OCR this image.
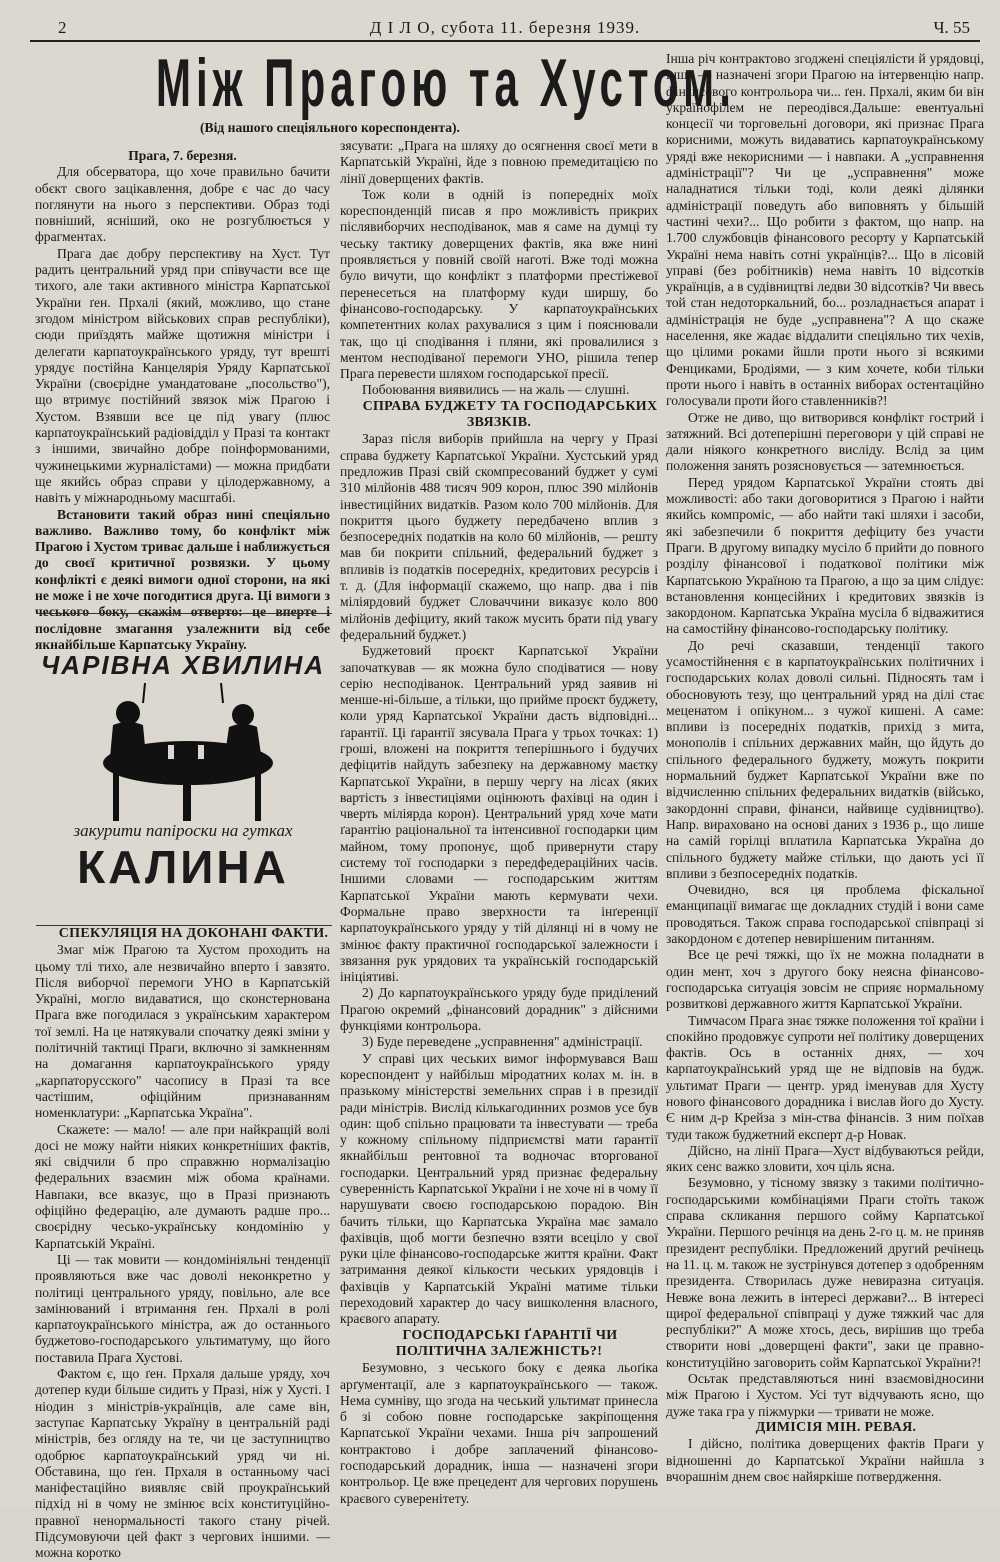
2	Д І Л О, субота 11. березня 1939.	Ч. 55
Між Прагою та Хустом.
(Від нашого спеціяльного кореспондента).

Прага, 7. березня.

Для обсерватора, що хоче правильно бачити обєкт свого зацікавлення, добре є час до часу поглянути на нього з перспективи. Образ тоді повніший, ясніший, око не розгублюється у фрагментах.

Прага дає добру перспективу на Хуст. Тут радить центральний уряд при співучасти все ще тихого, але таки активного міністра Карпатської України ґен. Прхалі (який, можливо, що стане згодом міністром військових справ республіки), сюди приїздять майже щотижня міністри і делегати карпатоукраїнського уряду, тут врешті урядує постійна Канцелярія Уряду Карпатської України (своєрідне умандатоване „посольство"), що втримує постійний звязок між Прагою і Хустом. Взявши все це під увагу (плюс карпатоукраїнський радіовідділ у Празі та контакт з іншими, звичайно добре поінформованими, чужинецькими журналістами) — можна придбати ще якийсь образ справи у цілодержавному, а навіть у міжнародньому масштабі.

Встановити такий образ нині спеціяльно важливо. Важливо тому, бо конфлікт між Прагою і Хустом триває дальше і наближується до своєї критичної розвязки. У цьому конфлікті є деякі вимоги одної сторони, на які не може і не хоче погодитися друга. Ці вимоги з чеського боку, скажім отверто: це вперте і послідовне змагання узалежнити від себе якнайбільше Карпатську Україну.

ЧАРІВНА ХВИЛИНА
закурити папіроски на гутках
КАЛИНА

СПЕКУЛЯЦІЯ НА ДОКОНАНІ ФАКТИ.

Змаг між Прагою та Хустом проходить на цьому тлі тихо, але незвичайно вперто і завзято. Після виборчої перемоги УНО в Карпатській Україні, могло видаватися, що сконстернована Прага вже погодилася з українським характером тої землі. На це натякували спочатку деякі зміни у політичній тактиці Праги, включно зі замкненням на домагання карпатоукраїнського уряду „карпаторусского" часопису в Празі та все частішим, офіційним признаванням номенклатури: „Карпатська Україна".

Скажете: — мало! — але при найкращій волі досі не можу найти ніяких конкретніших фактів, які свідчили б про справжню нормалізацію федеральних взаємин між обома країнами. Навпаки, все вказує, що в Празі признають офіційно федерацію, але думають радше про... своєрідну чесько-українську кондомінію у Карпатській Україні.

Ці — так мовити — кондомініяльні тенденції проявляються вже час доволі неконкретно у політиці центрального уряду, повільно, але все замінюваний і втримання ґен. Прхалі в ролі карпатоукраїнського міністра, аж до останнього буджетово-господарського ультиматуму, що його поставила Прага Хустові.

Фактом є, що ґен. Прхаля дальше уряду, хоч дотепер куди більше сидить у Празі, ніж у Хусті. І ніодин з міністрів-українців, але саме він, заступає Карпатську Україну в центральній раді міністрів, без огляду на те, чи це заступництво одобрює карпатоукраїнський уряд чи ні. Обставина, що ґен. Прхаля в останньому часі маніфестаційно виявляє свій проукраїнський підхід ні в чому не змінює всіх конституційно-правної ненормальності такого стану річей. Підсумовуючи цей факт з чергових іншими. — можна коротко

зясувати: „Прага на шляху до осягнення своєї мети в Карпатській Україні, йде з повною премедитацією по лінії доверщених фактів.

Тож коли в одній із попередніх моїх кореспонденцій писав я про можливість прикрих післявиборчих несподіванок, мав я саме на думці ту чеську тактику доверщених фактів, яка вже нині проявляється у повній своїй наготі. Вже тоді можна було вичути, що конфлікт з платформи престіжевої перенесеться на платформу куди ширшу, бо фінансово-господарську. У карпатоукраїнських компетентних колах рахувалися з цим і пояснювали так, що ці сподівання і пляни, які провалилися з ментом несподіваної перемоги УНО, рішила тепер Прага перевести шляхом господарської пресії.

Побоювання виявились — на жаль — слушні.

СПРАВА БУДЖЕТУ ТА ГОСПОДАРСЬКИХ ЗВЯЗКІВ.

Зараз після виборів прийшла на чергу у Празі справа буджету Карпатської України. Хустський уряд предложив Празі свій скомпресований буджет у сумі 310 мілйонів 488 тисяч 909 корон, плюс 390 мілйонів інвестиційних видатків. Разом коло 700 мілйонів. Для покриття цього буджету передбачено вплив з безпосередніх податків на коло 60 мілйонів, — решту мав би покрити спільний, федеральний буджет з впливів із податків посередніх, кредитових ресурсів і т. д. (Для інформації скажемо, що напр. два і пів міліярдовий буджет Словаччини виказує коло 800 мілйонів дефіциту, який також мусить брати під увагу федеральний буджет.)

Буджетовий проєкт Карпатської України започаткував — як можна було сподіватися — нову серію несподіванок. Центральний уряд заявив ні менше-ні-більше, а тільки, що прийме проєкт буджету, коли уряд Карпатської України дасть відповідні... ґарантії. Ці ґарантії зясувала Прага у трьох точках: 1) гроші, вложені на покриття теперішнього і будучих дефіцитів найдуть забезпеку на державному маєтку Карпатської України, в першу чергу на лісах (яких вартість з інвестиціями оцінюють фахівці на один і чверть міліярда корон). Центральний уряд хоче мати ґарантію раціональної та інтенсивної господарки цим майном, тому пропонує, щоб привернути стару систему тої господарки з передфедераційних часів. Іншими словами — господарським життям Карпатської України мають кермувати чехи. Формальне право зверхности та інґеренції карпатоукраїнського уряду у тій ділянці ні в чому не змінює факту практичної господарської залежности і звязання рук урядових та українській господарській ініціятиві.

2) До карпатоукраїнського уряду буде приділений Прагою окремий „фінансовий дорадник" з дійсними функціями контрольора.

3) Буде переведене „усправнення" адміністрації.

У справі цих чеських вимог інформувався Ваш кореспондент у найбільш міродатних колах м. ін. в празькому міністерстві земельних справ і в президії ради міністрів. Вислід кількагодинних розмов усе був один: щоб спільно працювати та інвестувати — треба у кожному спільному підприємстві мати ґарантії якнайбільш рентовної та водночас вторгованої господарки. Центральний уряд признає федеральну суверенність Карпатської України і не хоче ні в чому її нарушувати своєю господарською порадою. Він бачить тільки, що Карпатська Україна має замало фахівців, щоб могти безпечно взяти всеціло у свої руки ціле фінансово-господарське життя країни. Факт затримання деякої кількости чеських урядовців і фахівців у Карпатській Україні матиме тільки переходовий характер до часу вишколення власного, краєвого апарату.

ГОСПОДАРСЬКІ ҐАРАНТІЇ ЧИ ПОЛІТИЧНА ЗАЛЕЖНІСТЬ?!

Безумовно, з чеського боку є деяка льоґіка арґументації, але з карпатоукраїнського — також. Нема сумніву, що згода на чеський ультимат принесла б зі собою повне господарське закріпощення Карпатської України чехами. Інша річ запрошений контрактово і добре заплачений фінансово-господарський дорадник, інша — назначені згори контрольор. Це вже прецедент для чергових порушень краєвого суверенітету.

Інша річ контрактово згоджені спеціялісти й урядовці, інша — назначені згори Прагою на інтервенцію напр. фінансового контрольора чи... ґен. Прхалі, яким би він українофілем не переодівся.Дальше: евентуальні концесії чи торговельні договори, які признає Прага корисними, можуть видаватись карпатоукраїнському уряді вже некорисними — і навпаки. А „усправнення адміністрації"? Чи це „усправнення" може наладнатися тільки тоді, коли деякі ділянки адміністрації поведуть або виповнять у більшій частині чехи?... Що робити з фактом, що напр. на 1.700 службовців фінансового ресорту у Карпатській Україні нема навіть сотні українців?... Що в лісовій управі (без робітників) нема навіть 10 відсотків українців, а в судівництві ледви 30 відсотків? Чи ввесь той стан недоторкальний, бо... розладнається апарат і адміністрація не буде „усправнена"? А що скаже населення, яке жадає віддалити спеціяльно тих чехів, що цілими роками йшли проти нього зі всякими Фенциками, Бродіями, — з ким хочете, коби тільки проти нього і навіть в останніх виборах остентаційно голосували проти його ставленників?!

Отже не диво, що витворився конфлікт гострий і затяжний. Всі дотеперішні переговори у цій справі не дали ніякого конкретного висліду. Вслід за цим положення занять розясновується — затемнюється.

Перед урядом Карпатської України стоять дві можливості: або таки договоритися з Прагою і найти якийсь компроміс, — або найти такі шляхи і засоби, які забезпечили б покриття дефіциту без участи Праги. В другому випадку мусіло б прийти до повного розділу фінансової і податкової політики між Карпатською Україною та Прагою, а що за цим слідує: встановлення концесійних і кредитових звязків із закордоном. Карпатська Україна мусіла б відважитися на самостійну фінансово-господарську політику.

До речі сказавши, тенденції такого усамостійнення є в карпатоукраїнських політичних і господарських колах доволі сильні. Підносять там і обосновують тезу, що центральний уряд на ділі стає меценатом і опікуном... з чужої кишені. А саме: впливи із посередніх податків, прихід з мита, монополів і спільних державних майн, що йдуть до спільного федерального буджету, можуть покрити нормальний буджет Карпатської України вже по відчисленню спільних федеральних видатків (військо, закордонні справи, фінанси, найвище судівництво). Напр. вираховано на основі даних з 1936 р., що лише на самій горілці вплатила Карпатська Україна до спільного буджету майже стільки, що дають усі її впливи з безпосередніх податків.

Очевидно, вся ця проблема фіскальної еманципації вимагає ще докладних студій і вони саме проводяться. Також справа господарської співпраці зі закордоном є дотепер невирішеним питанням.

Все це речі тяжкі, що їх не можна поладнати в один мент, хоч з другого боку неясна фінансово-господарська ситуація зовсім не сприяє нормальному розвиткові державного життя Карпатської України.

Тимчасом Прага знає тяжке положення тої країни і спокійно продовжує супроти неї політику доверщених фактів. Ось в останніх днях, — хоч карпатоукраїнський уряд ще не відповів на будж. ультимат Праги — центр. уряд іменував для Хусту нового фінансового дорадника і вислав його до Хусту. Є ним д-р Крейза з мін-ства фінансів. З ним поїхав туди також буджетний експерт д-р Новак.

Дійсно, на лінії Прага—Хуст відбуваються рейди, яких сенс важко зловити, хоч ціль ясна.

Безумовно, у тісному звязку з такими політично-господарськими комбінаціями Праги стоїть також справа скликання першого сойму Карпатської України. Першого речінця на день 2-го ц. м. не приняв президент республіки. Предложений другий речінець на 11. ц. м. також не зустрінувся дотепер з одобренням президента. Створилась дуже невиразна ситуація. Невже вона лежить в інтересі держави?... В інтересі щирої федеральної співпраці у дуже тяжкий час для республіки?" А може хтось, десь, вирішив що треба створити нові „доверщені факти", заки це правно-конституційно заговорить сойм Карпатської України?!

Осьтак представляються нині взаємовідносини між Прагою і Хустом. Усі тут відчувають ясно, що дуже така гра у піжмурки — тривати не може.

ДИМІСІЯ МІН. РЕВАЯ.

І дійсно, політика доверщених фактів Праги у відношенні до Карпатської України найшла з вчорашнім днем своє найяркіше потвердження.
